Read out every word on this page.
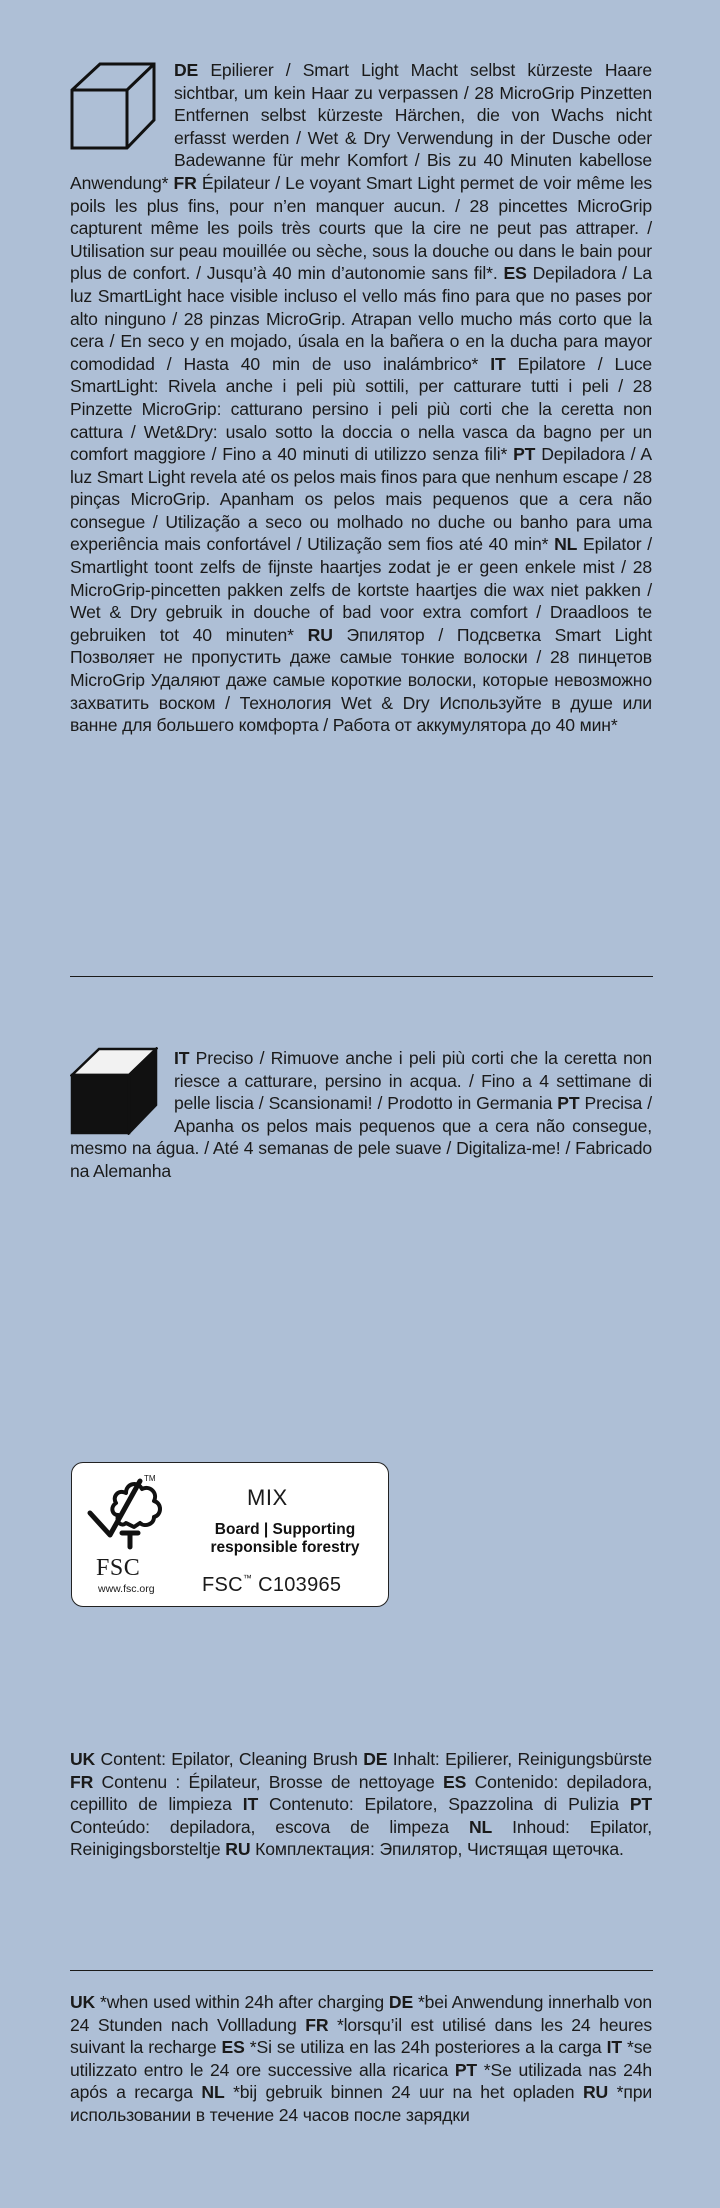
DE Epilierer / Smart Light Macht selbst kürzeste Haare sichtbar, um kein Haar zu verpassen / 28 MicroGrip Pinzetten Entfernen selbst kürzeste Härchen, die von Wachs nicht erfasst werden / Wet & Dry Verwendung in der Dusche oder Badewanne für mehr Komfort / Bis zu 40 Minuten kabellose Anwendung* FR Épilateur / Le voyant Smart Light permet de voir même les poils les plus fins, pour n’en manquer aucun. / 28 pincettes MicroGrip capturent même les poils très courts que la cire ne peut pas attraper. / Utilisation sur peau mouillée ou sèche, sous la douche ou dans le bain pour plus de confort. / Jusqu’à 40 min d’autonomie sans fil*. ES Depiladora / La luz SmartLight hace visible incluso el vello más fino para que no pases por alto ninguno / 28 pinzas MicroGrip. Atrapan vello mucho más corto que la cera / En seco y en mojado, úsala en la bañera o en la ducha para mayor comodidad / Hasta 40 min de uso inalámbrico* IT Epilatore / Luce SmartLight: Rivela anche i peli più sottili, per catturare tutti i peli / 28 Pinzette MicroGrip: catturano persino i peli più corti che la ceretta non cattura / Wet&Dry: usalo sotto la doccia o nella vasca da bagno per un comfort maggiore / Fino a 40 minuti di utilizzo senza fili* PT Depiladora / A luz Smart Light revela até os pelos mais finos para que nenhum escape / 28 pinças MicroGrip. Apanham os pelos mais pequenos que a cera não consegue / Utilização a seco ou molhado no duche ou banho para uma experiência mais confortável / Utilização sem fios até 40 min* NL Epilator / Smartlight toont zelfs de fijnste haartjes zodat je er geen enkele mist / 28 MicroGrip-pincetten pakken zelfs de kortste haartjes die wax niet pakken / Wet & Dry gebruik in douche of bad voor extra comfort / Draadloos te gebruiken tot 40 minuten* RU Эпилятор / Подсветка Smart Light Позволяет не пропустить даже самые тонкие волоски / 28 пинцетов MicroGrip Удаляют даже самые короткие волоски, которые невозможно захватить воском / Технология Wet & Dry Используйте в душе или ванне для большего комфорта / Работа от аккумулятора до 40 мин*
IT Preciso / Rimuove anche i peli più corti che la ceretta non riesce a catturare, persino in acqua. / Fino a 4 settimane di pelle liscia / Scansionami! / Prodotto in Germania PT Precisa / Apanha os pelos mais pequenos que a cera não consegue, mesmo na água. / Até 4 semanas de pele suave / Digitaliza-me! / Fabricado na Alemanha
TM
FSC
www.fsc.org
MIX
Board | Supporting
responsible forestry
FSC™ C103965
UK Content: Epilator, Cleaning Brush DE Inhalt: Epilierer, Reinigungsbürste FR Contenu : Épilateur, Brosse de nettoyage ES Contenido: depiladora, cepillito de limpieza IT Contenuto: Epilatore, Spazzolina di Pulizia PT Conteúdo: depiladora, escova de limpeza NL Inhoud: Epilator, Reinigingsborsteltje RU Комплектация: Эпилятор, Чистящая щеточка.
UK *when used within 24h after charging DE *bei Anwendung innerhalb von 24 Stunden nach Vollladung FR *lorsqu’il est utilisé dans les 24 heures suivant la recharge ES *Si se utiliza en las 24h posteriores a la carga IT *se utilizzato entro le 24 ore successive alla ricarica PT *Se utilizada nas 24h após a recarga NL *bij gebruik binnen 24 uur na het opladen RU *при использовании в течение 24 часов после зарядки
